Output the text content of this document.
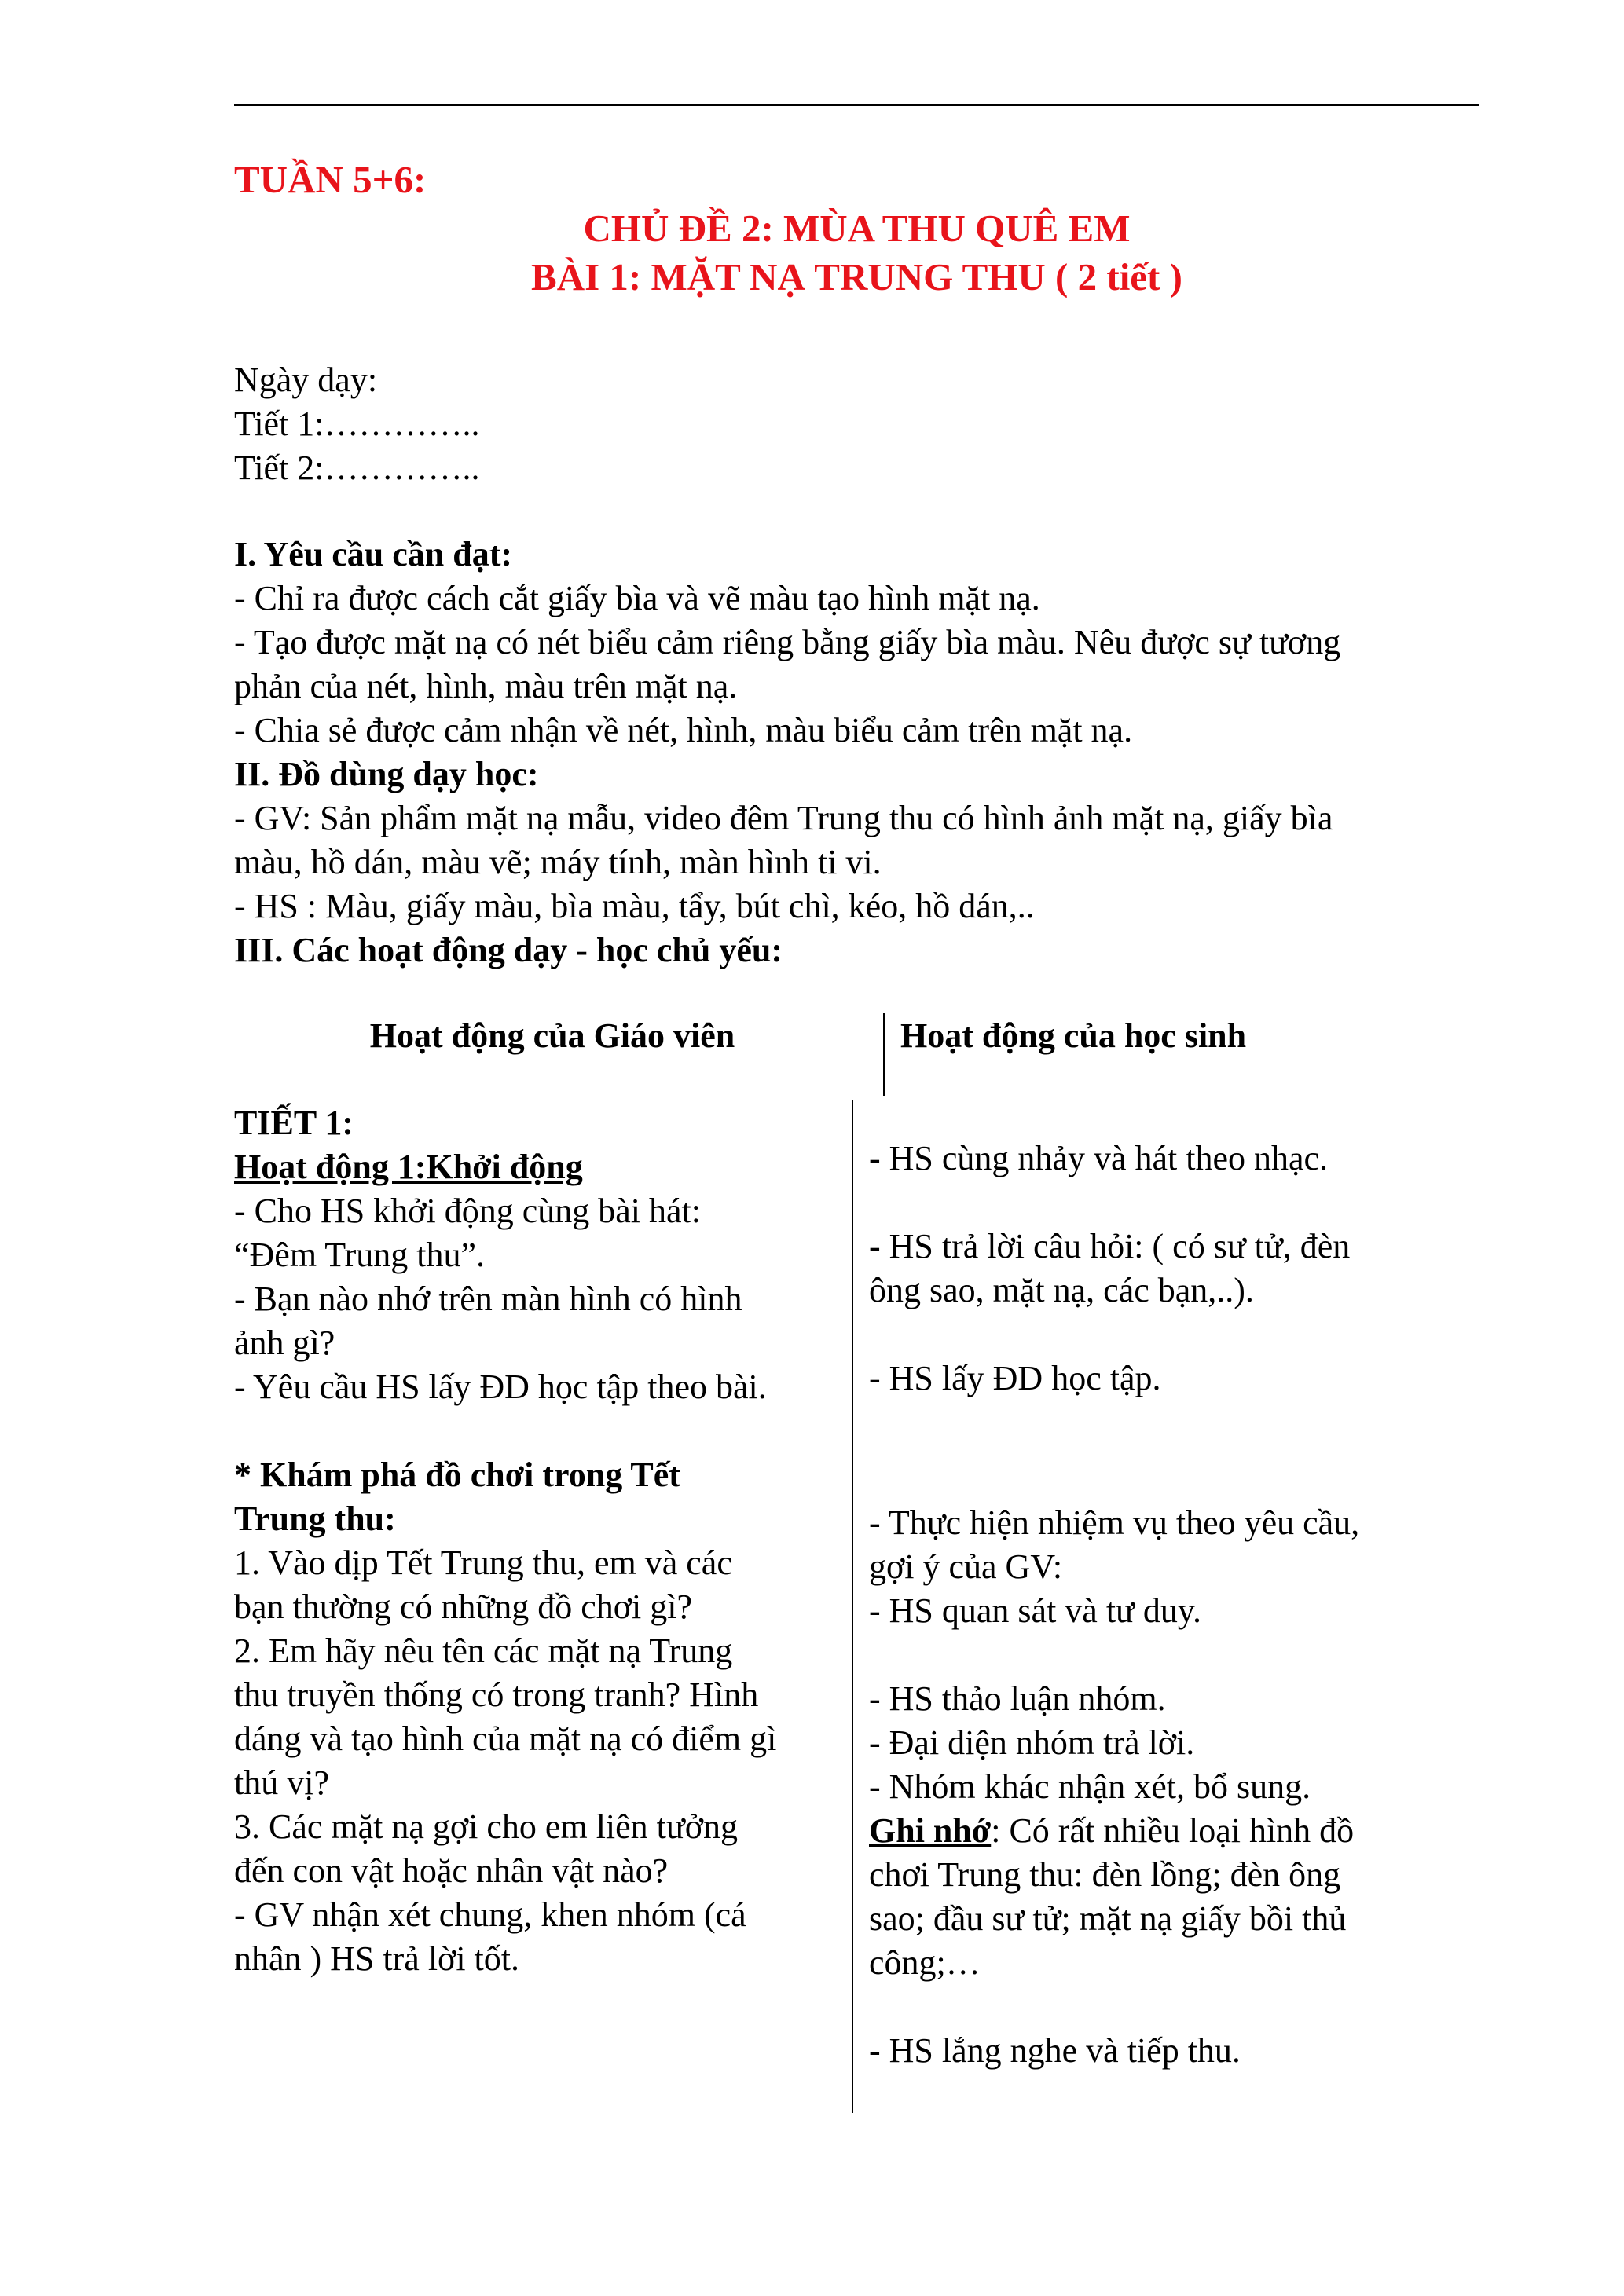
TUẦN 5+6:
CHỦ ĐỀ 2: MÙA THU QUÊ EM
BÀI 1: MẶT NẠ TRUNG THU ( 2 tiết )
Ngày dạy:
Tiết 1:…………..
Tiết 2:…………..
I. Yêu cầu cần đạt:
- Chỉ ra được cách cắt giấy bìa và vẽ màu tạo hình mặt nạ.
- Tạo được mặt nạ có nét biểu cảm riêng bằng giấy bìa màu. Nêu được sự tương
phản của nét, hình, màu trên mặt nạ.
- Chia sẻ được cảm nhận về nét, hình, màu biểu cảm trên mặt nạ.
II. Đồ dùng dạy học:
- GV: Sản phẩm mặt nạ mẫu, video đêm Trung thu có hình ảnh mặt nạ, giấy bìa
màu, hồ dán, màu vẽ; máy tính, màn hình ti vi.
- HS : Màu, giấy màu, bìa màu, tẩy, bút chì, kéo, hồ dán,..
III. Các hoạt động dạy - học chủ yếu:
Hoạt động của Giáo viên	Hoạt động của học sinh
TIẾT 1:
Hoạt động 1:Khởi động
- Cho HS khởi động cùng bài hát:
“Đêm Trung thu”.
- Bạn nào nhớ trên màn hình có hình
ảnh gì?
- Yêu cầu HS lấy ĐD học tập theo bài.

* Khám phá đồ chơi trong Tết
Trung thu:
1. Vào dịp Tết Trung thu, em và các
bạn thường có những đồ chơi gì?
2. Em hãy nêu tên các mặt nạ Trung
thu truyền thống có trong tranh? Hình
dáng và tạo hình của mặt nạ có điểm gì
thú vị?
3. Các mặt nạ gợi cho em liên tưởng
đến con vật hoặc nhân vật nào?
- GV nhận xét chung, khen nhóm (cá
nhân ) HS trả lời tốt.
- HS cùng nhảy và hát theo nhạc.

- HS trả lời câu hỏi: ( có sư tử, đèn
ông sao, mặt nạ, các bạn,..).

- HS lấy ĐD học tập.

- Thực hiện nhiệm vụ theo yêu cầu,
gợi ý của GV:
- HS quan sát và tư duy.

- HS thảo luận nhóm.
- Đại diện nhóm trả lời.
- Nhóm khác nhận xét, bổ sung.
Ghi nhớ: Có rất nhiều loại hình đồ
chơi Trung thu: đèn lồng; đèn ông
sao; đầu sư tử; mặt nạ giấy bồi thủ
công;…

- HS lắng nghe và tiếp thu.
